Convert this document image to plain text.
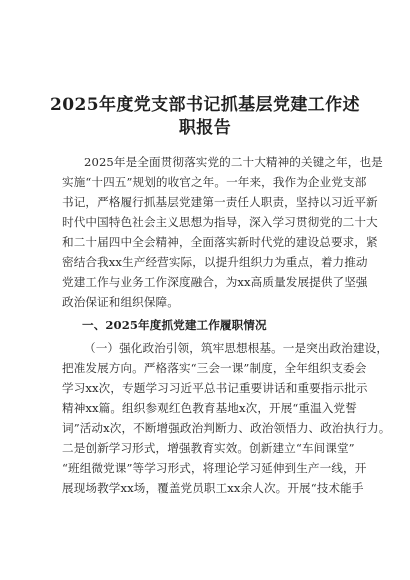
2025年度党支部书记抓基层党建工作述
职报告
2025年是全面贯彻落实党的二十大精神的关键之年，也是
实施“十四五”规划的收官之年。一年来，我作为企业党支部
书记，严格履行抓基层党建第一责任人职责，坚持以习近平新
时代中国特色社会主义思想为指导，深入学习贯彻党的二十大
和二十届四中全会精神，全面落实新时代党的建设总要求，紧
密结合我xx生产经营实际，以提升组织力为重点，着力推动
党建工作与业务工作深度融合，为xx高质量发展提供了坚强
政治保证和组织保障。
一、2025年度抓党建工作履职情况
（一）强化政治引领，筑牢思想根基。一是突出政治建设，
把准发展方向。严格落实“三会一课”制度，全年组织支委会
学习xx次，专题学习习近平总书记重要讲话和重要指示批示
精神xx篇。组织参观红色教育基地x次，开展“重温入党誓
词”活动x次，不断增强政治判断力、政治领悟力、政治执行力。
二是创新学习形式，增强教育实效。创新建立“车间课堂”
“班组微党课”等学习形式，将理论学习延伸到生产一线，开
展现场教学xx场，覆盖党员职工xx余人次。开展“技术能手
